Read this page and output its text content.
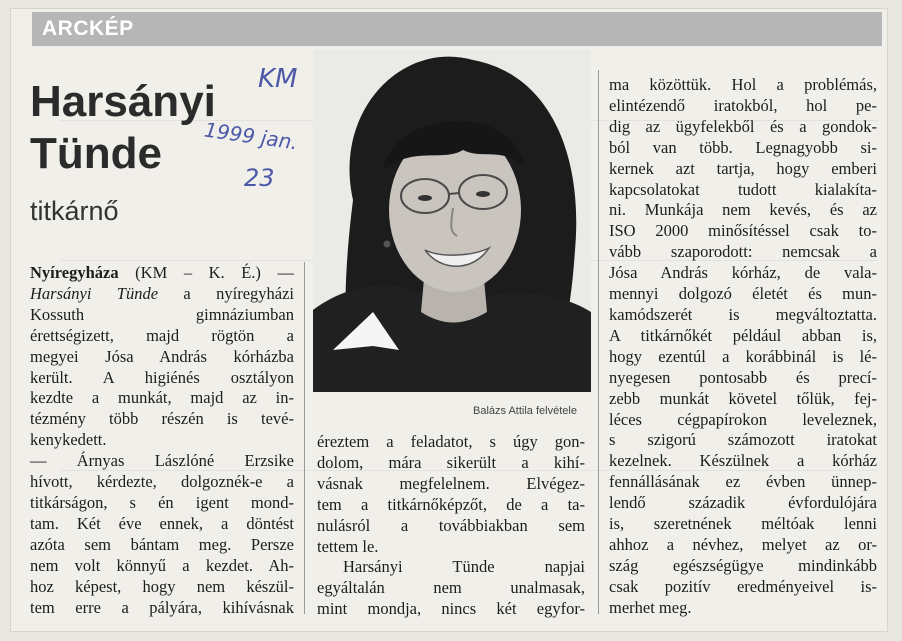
ARCKÉP
Harsányi
Tünde
titkárnő
KM
1999 jan.
23
Balázs Attila felvétele
Nyíregyháza (KM – K. É.) —
Harsányi Tünde a nyíregyházi
Kossuth gimnáziumban
érettségizett, majd rögtön a
megyei Jósa András kórházba
került. A higiénés osztályon
kezdte a munkát, majd az in-
tézmény több részén is tevé-
kenykedett.
— Árnyas Lászlóné Erzsike
hívott, kérdezte, dolgoznék-e a
titkárságon, s én igent mond-
tam. Két éve ennek, a döntést
azóta sem bántam meg. Persze
nem volt könnyű a kezdet. Ah-
hoz képest, hogy nem készül-
tem erre a pályára, kihívásnak
éreztem a feladatot, s úgy gon-
dolom, mára sikerült a kihí-
vásnak megfelelnem. Elvégez-
tem a titkárnőképzőt, de a ta-
nulásról a továbbiakban sem
tettem le.
Harsányi Tünde napjai
egyáltalán nem unalmasak,
mint mondja, nincs két egyfor-
ma közöttük. Hol a problémás,
elintézendő iratokból, hol pe-
dig az ügyfelekből és a gondok-
ból van több. Legnagyobb si-
kernek azt tartja, hogy emberi
kapcsolatokat tudott kialakíta-
ni. Munkája nem kevés, és az
ISO 2000 minősítéssel csak to-
vább szaporodott: nemcsak a
Jósa András kórház, de vala-
mennyi dolgozó életét és mun-
kamódszerét is megváltoztatta.
A titkárnőkét például abban is,
hogy ezentúl a korábbinál is lé-
nyegesen pontosabb és precí-
zebb munkát követel tőlük, fej-
léces cégpapírokon leveleznek,
s szigorú számozott iratokat
kezelnek. Készülnek a kórház
fennállásának ez évben ünnep-
lendő századik évfordulójára
is, szeretnének méltóak lenni
ahhoz a névhez, melyet az or-
szág egészségügye mindinkább
csak pozitív eredményeivel is-
merhet meg.
